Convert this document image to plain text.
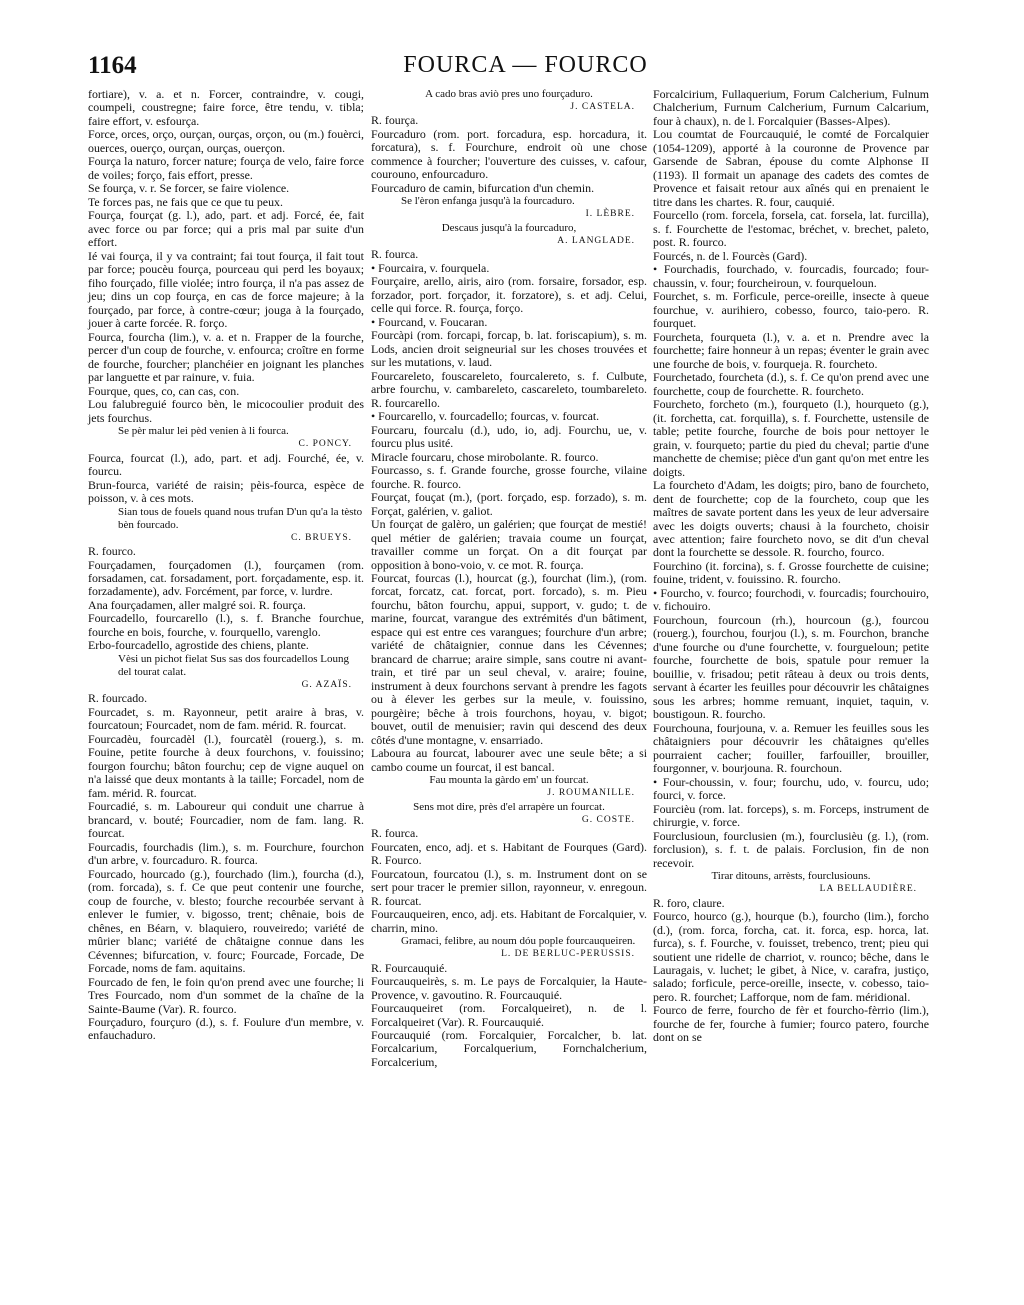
1164	FOURCA — FOURCO

fortiare), v. a. et n. Forcer, contraindre, v. cougi, coumpeli, coustregne; faire force, être tendu, v. tibla; faire effort, v. esfourça.

Force, orces, orço, ourçan, ourças, orçon, ou (m.) fouèrci, ouerces, ouerço, ourçan, ourças, ouerçon.

Fourça la naturo, forcer nature; fourça de velo, faire force de voiles; forço, fais effort, presse.

Se fourça, v. r. Se forcer, se faire violence.

Te forces pas, ne fais que ce que tu peux.

Fourça, fourçat (g. l.), ado, part. et adj. Forcé, ée, fait avec force ou par force; qui a pris mal par suite d'un effort.

Ié vai fourça, il y va contraint; fai tout fourça, il fait tout par force; poucèu fourça, pourceau qui perd les boyaux; fiho fourçado, fille violée; intro fourça, il n'a pas assez de jeu; dins un cop fourça, en cas de force majeure; à la fourçado, par force, à contre-cœur; jouga à la fourçado, jouer à carte forcée. R. forço.

Fourca, fourcha (lim.), v. a. et n. Frapper de la fourche, percer d'un coup de fourche, v. enfourca; croître en forme de fourche, fourcher; planchéier en joignant les planches par languette et par rainure, v. fuia.

Fourque, ques, co, can cas, con.

Lou falubreguié fourco bèn, le micocoulier produit des jets fourchus.

Se pèr malur lei pèd venien à li fourca.

C. PONCY.

Fourca, fourcat (l.), ado, part. et adj. Fourché, ée, v. fourcu.

Brun-fourca, variété de raisin; pèis-fourca, espèce de poisson, v. à ces mots.

Sian tous de fouels quand nous trufan D'un qu'a la tèsto bèn fourcado.

C. BRUEYS.

R. fourco.

Fourçadamen, fourçadomen (l.), fourçamen (rom. forsadamen, cat. forsadament, port. forçadamente, esp. it. forzadamente), adv. Forcément, par force, v. lurdre.

Ana fourçadamen, aller malgré soi. R. fourça.

Fourcadello, fourcarello (l.), s. f. Branche fourchue, fourche en bois, fourche, v. fourquello, varenglo.

Erbo-fourcadello, agrostide des chiens, plante.

Vèsi un pichot fielat Sus sas dos fourcadellos Loung del tourat calat.

G. AZAÏS.

R. fourcado.

Fourcadet, s. m. Rayonneur, petit araire à bras, v. fourcatoun; Fourcadet, nom de fam. mérid. R. fourcat.

Fourcadèu, fourcadèl (l.), fourcatèl (rouerg.), s. m. Fouine, petite fourche à deux fourchons, v. fouissino; fourgon fourchu; bâton fourchu; cep de vigne auquel on n'a laissé que deux montants à la taille; Forcadel, nom de fam. mérid. R. fourcat.

Fourcadié, s. m. Laboureur qui conduit une charrue à brancard, v. bouté; Fourcadier, nom de fam. lang. R. fourcat.

Fourcadis, fourchadis (lim.), s. m. Fourchure, fourchon d'un arbre, v. fourcaduro. R. fourca.

Fourcado, hourcado (g.), fourchado (lim.), fourcha (d.), (rom. forcada), s. f. Ce que peut contenir une fourche, coup de fourche, v. blesto; fourche recourbée servant à enlever le fumier, v. bigosso, trent; chênaie, bois de chênes, en Béarn, v. blaquiero, rouveiredo; variété de mûrier blanc; variété de châtaigne connue dans les Cévennes; bifurcation, v. fourc; Fourcade, Forcade, De Forcade, noms de fam. aquitains.

Fourcado de fen, le foin qu'on prend avec une fourche; li Tres Fourcado, nom d'un sommet de la chaîne de la Sainte-Baume (Var). R. fourco.

Fourçaduro, fourçuro (d.), s. f. Foulure d'un membre, v. enfauchaduro.

A cado bras aviò pres uno fourçaduro.

J. CASTELA.

R. fourça.

Fourcaduro (rom. port. forcadura, esp. horcadura, it. forcatura), s. f. Fourchure, endroit où une chose commence à fourcher; l'ouverture des cuisses, v. cafour, courouno, enfourcaduro.

Fourcaduro de camin, bifurcation d'un chemin.

Se l'èron enfanga jusqu'à la fourcaduro.

I. LÈBRE.

Descaus jusqu'à la fourcaduro,

A. LANGLADE.

R. fourca.

• Fourcaira, v. fourquela.

Fourçaire, arello, airis, airo (rom. forsaire, forsador, esp. forzador, port. forçador, it. forzatore), s. et adj. Celui, celle qui force. R. fourça, forço.

• Fourcand, v. Foucaran.

Fourcàpi (rom. forcapi, forcap, b. lat. foriscapium), s. m. Lods, ancien droit seigneurial sur les choses trouvées et sur les mutations, v. laud.

Fourcareleto, fouscareleto, fourcalereto, s. f. Culbute, arbre fourchu, v. cambareleto, cascareleto, toumbareleto. R. fourcarello.

• Fourcarello, v. fourcadello; fourcas, v. fourcat.

Fourcaru, fourcalu (d.), udo, io, adj. Fourchu, ue, v. fourcu plus usité.

Miracle fourcaru, chose mirobolante. R. fourco.

Fourcasso, s. f. Grande fourche, grosse fourche, vilaine fourche. R. fourco.

Fourçat, fouçat (m.), (port. forçado, esp. forzado), s. m. Forçat, galérien, v. galiot.

Un fourçat de galèro, un galérien; que fourçat de mestié! quel métier de galérien; travaia coume un fourçat, travailler comme un forçat. On a dit fourçat par opposition à bono-voio, v. ce mot. R. fourça.

Fourcat, fourcas (l.), hourcat (g.), fourchat (lim.), (rom. forcat, forcatz, cat. forcat, port. forcado), s. m. Pieu fourchu, bâton fourchu, appui, support, v. gudo; t. de marine, fourcat, varangue des extrémités d'un bâtiment, espace qui est entre ces varangues; fourchure d'un arbre; variété de châtaignier, connue dans les Cévennes; brancard de charrue; araire simple, sans coutre ni avant-train, et tiré par un seul cheval, v. araire; fouine, instrument à deux fourchons servant à prendre les fagots ou à élever les gerbes sur la meule, v. fouissino, pourgèire; bêche à trois fourchons, hoyau, v. bigot; bouvet, outil de menuisier; ravin qui descend des deux côtés d'une montagne, v. ensarriado.

Laboura au fourcat, labourer avec une seule bête; a si cambo coume un fourcat, il est bancal.

Fau mounta la gàrdo em' un fourcat.

J. ROUMANILLE.

Sens mot dire, près d'el arrapère un fourcat.

G. COSTE.

R. fourca.

Fourcaten, enco, adj. et s. Habitant de Fourques (Gard). R. Fourco.

Fourcatoun, fourcatou (l.), s. m. Instrument dont on se sert pour tracer le premier sillon, rayonneur, v. enregoun. R. fourcat.

Fourcauqueiren, enco, adj. ets. Habitant de Forcalquier, v. charrin, mino.

Gramaci, felibre, au noum dóu pople fourcauqueiren.

L. DE BERLUC-PERUSSIS.

R. Fourcauquié.

Fourcauqueirès, s. m. Le pays de Forcalquier, la Haute-Provence, v. gavoutino. R. Fourcauquié.

Fourcauqueiret (rom. Forcalqueiret), n. de l. Forcalqueiret (Var). R. Fourcauquié.

Fourcauquié (rom. Forcalquier, Forcalcher, b. lat. Forcalcarium, Forcalquerium, Fornchalcherium, Forcalcerium,

Forcalcirium, Fullaquerium, Forum Calcherium, Fulnum Chalcherium, Furnum Calcherium, Furnum Calcarium, four à chaux), n. de l. Forcalquier (Basses-Alpes).

Lou coumtat de Fourcauquié, le comté de Forcalquier (1054-1209), apporté à la couronne de Provence par Garsende de Sabran, épouse du comte Alphonse II (1193). Il formait un apanage des cadets des comtes de Provence et faisait retour aux aînés qui en prenaient le titre dans les chartes. R. four, cauquié.

Fourcello (rom. forcela, forsela, cat. forsela, lat. furcilla), s. f. Fourchette de l'estomac, bréchet, v. brechet, paleto, post. R. fourco.

Fourcés, n. de l. Fourcès (Gard).

• Fourchadis, fourchado, v. fourcadis, fourcado; four-chaussin, v. four; fourcheiroun, v. fourqueloun.

Fourchet, s. m. Forficule, perce-oreille, insecte à queue fourchue, v. aurihiero, cobesso, fourco, taio-pero. R. fourquet.

Fourcheta, fourqueta (l.), v. a. et n. Prendre avec la fourchette; faire honneur à un repas; éventer le grain avec une fourche de bois, v. fourqueja. R. fourcheto.

Fourchetado, fourcheta (d.), s. f. Ce qu'on prend avec une fourchette, coup de fourchette. R. fourcheto.

Fourcheto, forcheto (m.), fourqueto (l.), hourqueto (g.), (it. forchetta, cat. forquilla), s. f. Fourchette, ustensile de table; petite fourche, fourche de bois pour nettoyer le grain, v. fourqueto; partie du pied du cheval; partie d'une manchette de chemise; pièce d'un gant qu'on met entre les doigts.

La fourcheto d'Adam, les doigts; piro, bano de fourcheto, dent de fourchette; cop de la fourcheto, coup que les maîtres de savate portent dans les yeux de leur adversaire avec les doigts ouverts; chausi à la fourcheto, choisir avec attention; faire fourcheto novo, se dit d'un cheval dont la fourchette se dessole. R. fourcho, fourco.

Fourchino (it. forcina), s. f. Grosse fourchette de cuisine; fouine, trident, v. fouissino. R. fourcho.

• Fourcho, v. fourco; fourchodi, v. fourcadis; fourchouiro, v. fichouiro.

Fourchoun, fourcoun (rh.), hourcoun (g.), fourcou (rouerg.), fourchou, fourjou (l.), s. m. Fourchon, branche d'une fourche ou d'une fourchette, v. fourgueloun; petite fourche, fourchette de bois, spatule pour remuer la bouillie, v. frisadou; petit râteau à deux ou trois dents, servant à écarter les feuilles pour découvrir les châtaignes sous les arbres; homme remuant, inquiet, taquin, v. boustigoun. R. fourcho.

Fourchouna, fourjouna, v. a. Remuer les feuilles sous les châtaigniers pour découvrir les châtaignes qu'elles pourraient cacher; fouiller, farfouiller, brouiller, fourgonner, v. bourjouna. R. fourchoun.

• Four-choussin, v. four; fourchu, udo, v. fourcu, udo; fourci, v. force.

Fourcièu (rom. lat. forceps), s. m. Forceps, instrument de chirurgie, v. force.

Fourclusioun, fourclusien (m.), fourclusièu (g. l.), (rom. forclusion), s. f. t. de palais. Forclusion, fin de non recevoir.

Tirar ditouns, arrèsts, fourclusiouns.

LA BELLAUDIÈRE.

R. foro, claure.

Fourco, hourco (g.), hourque (b.), fourcho (lim.), forcho (d.), (rom. forca, forcha, cat. it. forca, esp. horca, lat. furca), s. f. Fourche, v. fouisset, trebenco, trent; pieu qui soutient une ridelle de charriot, v. rounco; bêche, dans le Lauragais, v. luchet; le gibet, à Nice, v. carafra, justiço, salado; forficule, perce-oreille, insecte, v. cobesso, taio-pero. R. fourchet; Lafforque, nom de fam. méridional.

Fourco de ferre, fourcho de fèr et fourcho-fèrrio (lim.), fourche de fer, fourche à fumier; fourco patero, fourche dont on se
